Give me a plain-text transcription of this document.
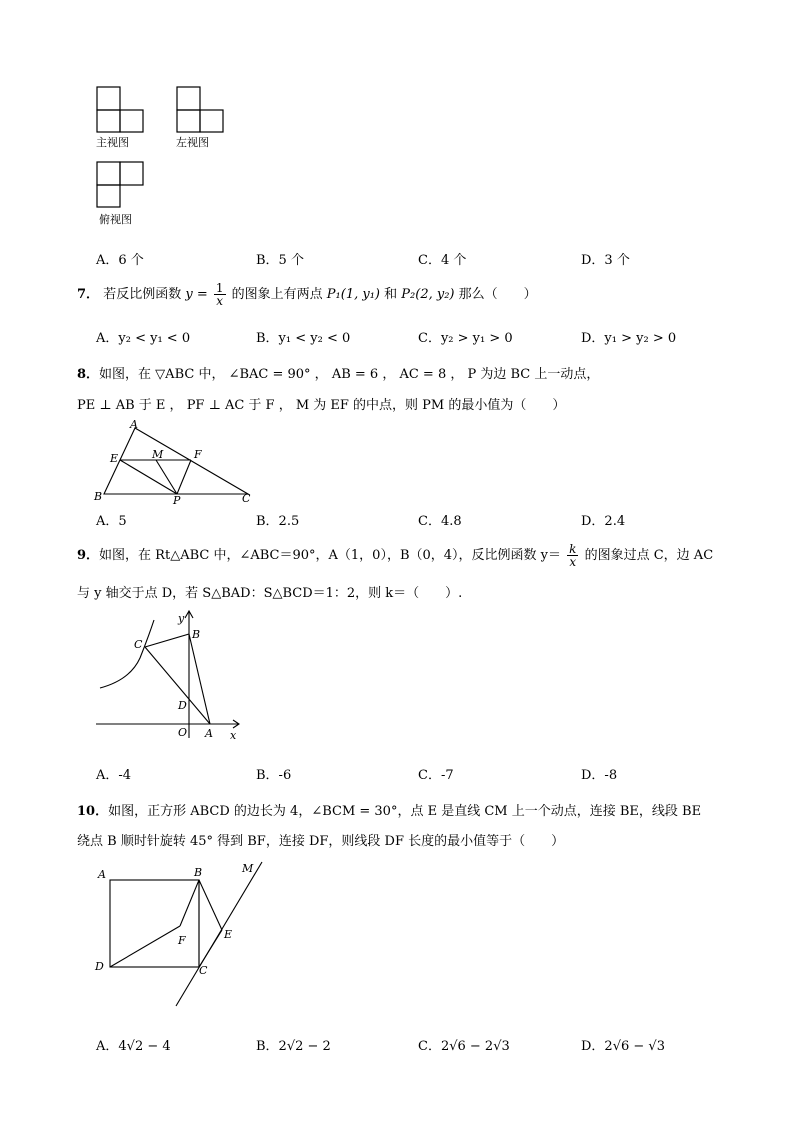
主视图	左视图
俯视图
A．6 个	B．5 个	C．4 个	D．3 个
7． 若反比例函数 $y = \frac{1}{x}$ 的图象上有两点 P₁(1, y₁) 和 P₂(2, y₂) 那么（　　）
A．y₂ < y₁ < 0	B．y₁ < y₂ < 0	C．y₂ > y₁ > 0	D．y₁ > y₂ > 0
8．如图，在 ▽ABC 中， ∠BAC = 90° ， AB = 6 ， AC = 8 ， P 为边 BC 上一动点，
PE ⊥ AB 于 E ， PF ⊥ AC 于 F ， M 为 EF 的中点，则 PM 的最小值为（　　）
A
E	M	F
B	P	C
A．5	B．2.5	C．4.8	D．2.4
9．如图，在 Rt△ABC 中，∠ABC＝90°，A（1，0），B（0，4），反比例函数 $y= \frac{k}{x}$ 的图象过点 C，边 AC
与 y 轴交于点 D，若 S△BAD：S△BCD＝1：2，则 k＝（　　）.
y
B
C
D
O A x
A．-4	B．-6	C．-7	D．-8
10．如图，正方形 ABCD 的边长为 4，∠BCM = 30°，点 E 是直线 CM 上一个动点，连接 BE，线段 BE
绕点 B 顺时针旋转 45° 得到 BF，连接 DF，则线段 DF 长度的最小值等于（　　）
A	B	M
F	E
D	C
A．4√2 − 4	B．2√2 − 2	C．2√6 − 2√3	D．2√6 − √3
